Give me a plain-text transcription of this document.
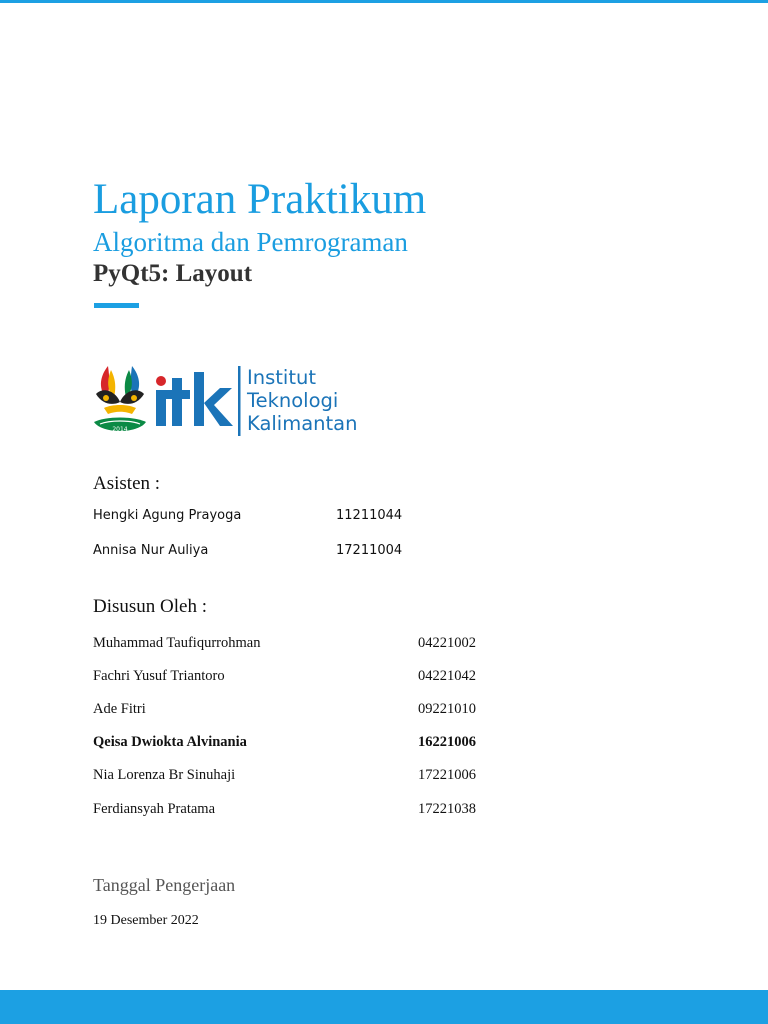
Laporan Praktikum
Algoritma dan Pemrograman
PyQt5: Layout
2014
Institut
Teknologi
Kalimantan
Asisten :
Hengki Agung Prayoga	11211044
Annisa Nur Auliya	17211004
Disusun Oleh :
Muhammad Taufiqurrohman	04221002
Fachri Yusuf Triantoro	04221042
Ade Fitri	09221010
Qeisa Dwiokta Alvinania	16221006
Nia Lorenza Br Sinuhaji	17221006
Ferdiansyah Pratama	17221038
Tanggal Pengerjaan
19 Desember 2022
